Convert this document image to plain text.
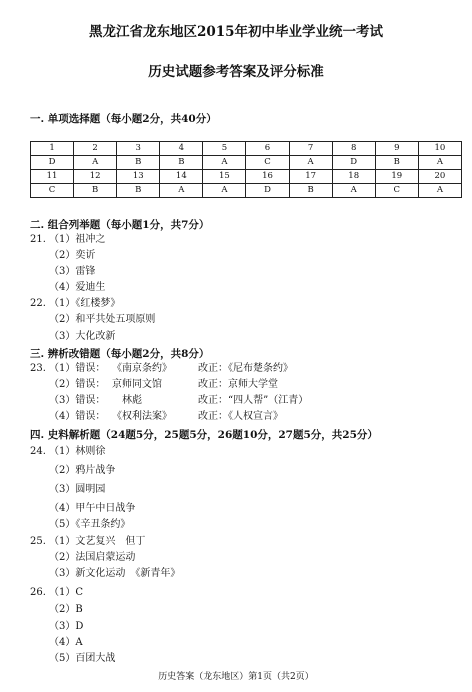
黑龙江省龙东地区2015年初中毕业学业统一考试
历史试题参考答案及评分标准
一. 单项选择题（每小题2分，共40分）
1	2	3	4	5	6	7	8	9	10
D	A	B	B	A	C	A	D	B	A
11	12	13	14	15	16	17	18	19	20
C	B	B	A	A	D	B	A	C	A
二. 组合列举题（每小题1分，共7分）
21. （1）祖冲之
（2）奕䜣
（3）雷锋
（4）爱迪生
22. （1）《红楼梦》
（2）和平共处五项原则
（3）大化改新
三. 辨析改错题（每小题2分，共8分）
23. （1）错误： 《南京条约》	改正：《尼布楚条约》
（2）错误： 京师同文馆	改正：京师大学堂
（3）错误： 林彪	改正：“四人帮”（江青）
（4）错误： 《权利法案》	改正：《人权宣言》
四. 史料解析题（24题5分，25题5分，26题10分，27题5分，共25分）
24. （1）林则徐
（2）鸦片战争
（3）圆明园
（4）甲午中日战争
（5）《辛丑条约》
25. （1）文艺复兴　但丁
（2）法国启蒙运动
（3）新文化运动　《新青年》
26. （1）C
（2）B
（3）D
（4）A
（5）百团大战
历史答案（龙东地区）第1页（共2页）
